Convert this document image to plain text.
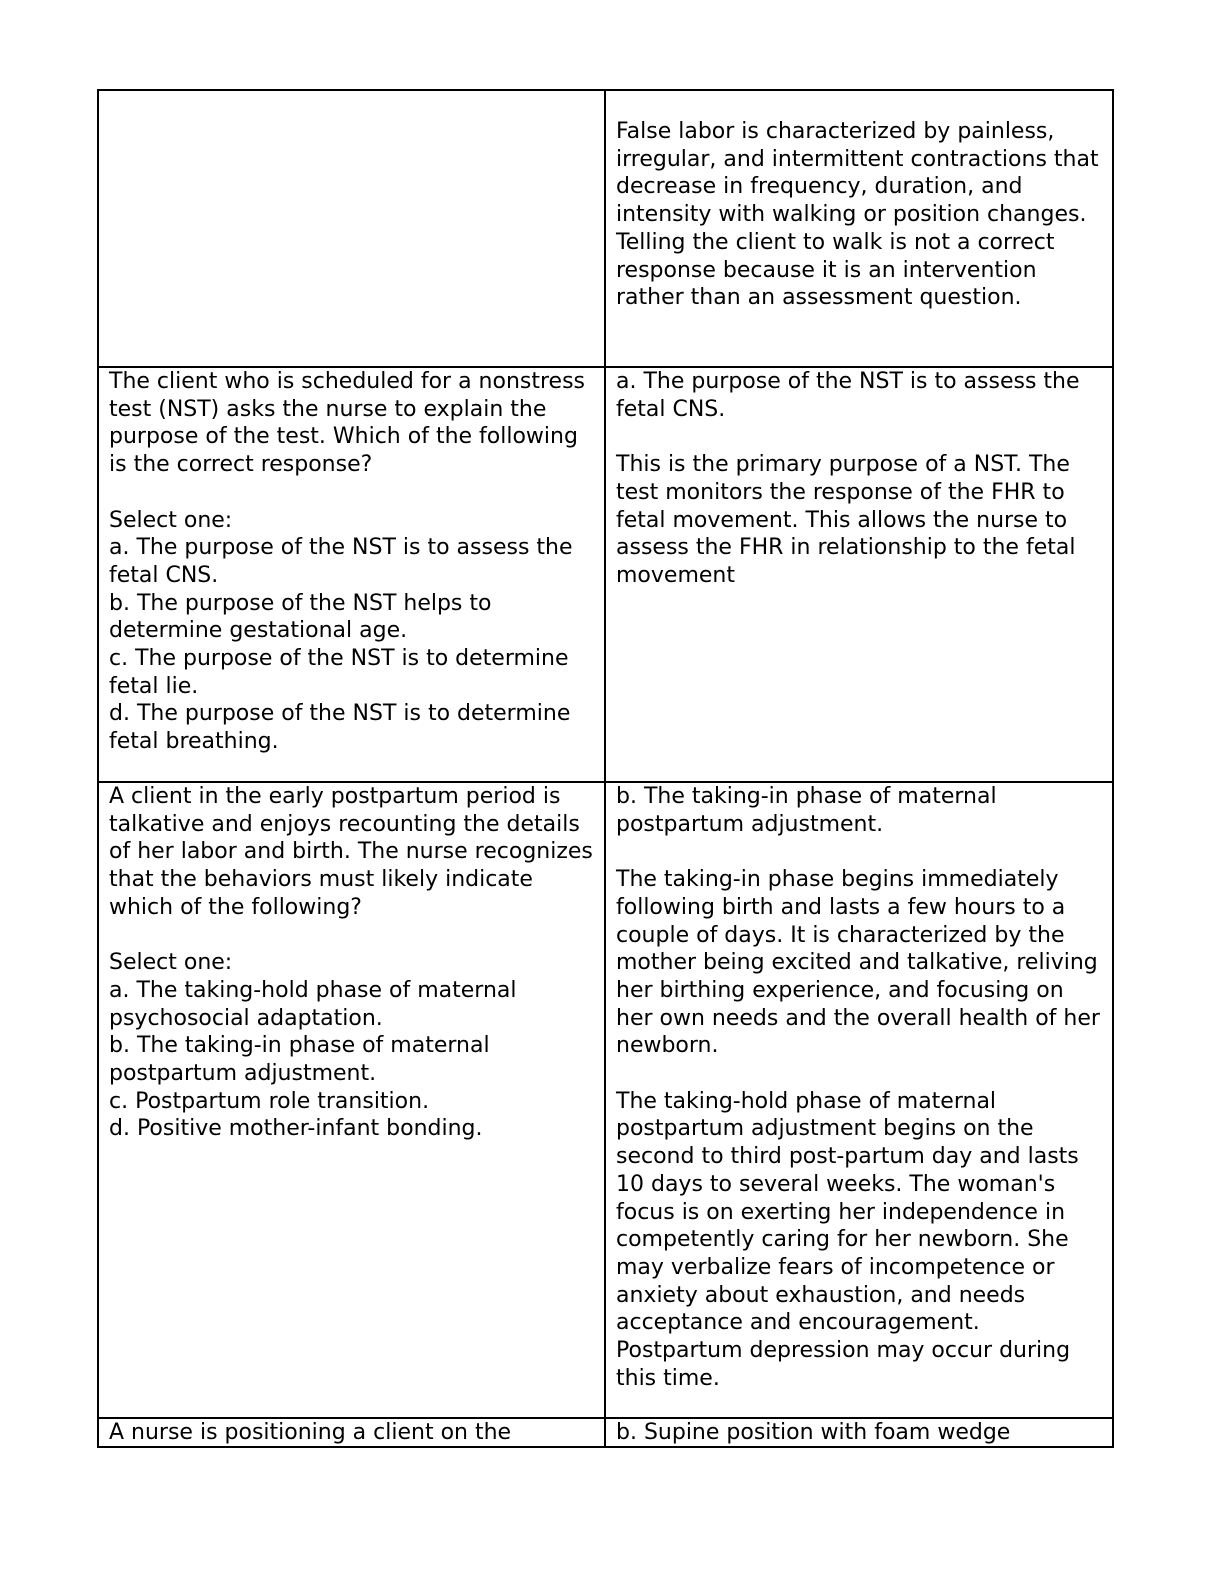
False labor is characterized by painless, irregular, and intermittent contractions that decrease in frequency, duration, and intensity with walking or position changes.
Telling the client to walk is not a correct response because it is an intervention rather than an assessment question.
The client who is scheduled for a nonstress test (NST) asks the nurse to explain the purpose of the test. Which of the following is the correct response?

Select one:
a. The purpose of the NST is to assess the fetal CNS.
b. The purpose of the NST helps to determine gestational age.
c. The purpose of the NST is to determine fetal lie.
d. The purpose of the NST is to determine fetal breathing.
a. The purpose of the NST is to assess the fetal CNS.

This is the primary purpose of a NST. The test monitors the response of the FHR to fetal movement. This allows the nurse to assess the FHR in relationship to the fetal movement
A client in the early postpartum period is talkative and enjoys recounting the details of her labor and birth. The nurse recognizes that the behaviors must likely indicate which of the following?

Select one:
a. The taking-hold phase of maternal psychosocial adaptation.
b. The taking-in phase of maternal postpartum adjustment.
c. Postpartum role transition.
d. Positive mother-infant bonding.
b. The taking-in phase of maternal postpartum adjustment.

The taking-in phase begins immediately following birth and lasts a few hours to a couple of days. It is characterized by the mother being excited and talkative, reliving her birthing experience, and focusing on her own needs and the overall health of her newborn.

The taking-hold phase of maternal postpartum adjustment begins on the second to third post-partum day and lasts 10 days to several weeks. The woman's focus is on exerting her independence in competently caring for her newborn. She may verbalize fears of incompetence or anxiety about exhaustion, and needs acceptance and encouragement. Postpartum depression may occur during this time.
A nurse is positioning a client on the	b. Supine position with foam wedge
